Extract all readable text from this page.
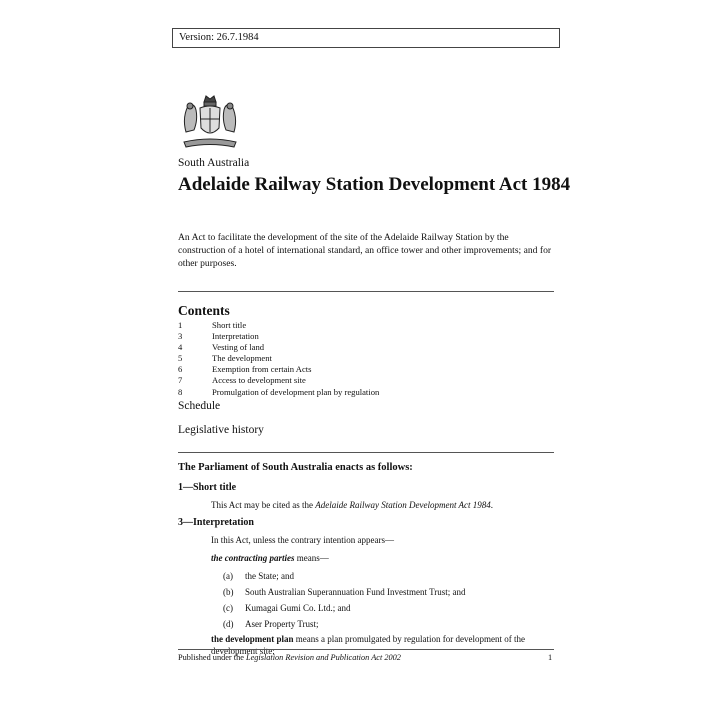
Version: 26.7.1984
South Australia
Adelaide Railway Station Development Act 1984

An Act to facilitate the development of the site of the Adelaide Railway Station by the construction of a hotel of international standard, an office tower and other improvements; and for other purposes.

Contents
1	Short title
3	Interpretation
4	Vesting of land
5	The development
6	Exemption from certain Acts
7	Access to development site
8	Promulgation of development plan by regulation
Schedule
Legislative history
The Parliament of South Australia enacts as follows:
1—Short title
This Act may be cited as the Adelaide Railway Station Development Act 1984.
3—Interpretation
In this Act, unless the contrary intention appears—
the contracting parties means—
(a)	the State; and
(b)	South Australian Superannuation Fund Investment Trust; and
(c)	Kumagai Gumi Co. Ltd.; and
(d)	Aser Property Trust;

the development plan means a plan promulgated by regulation for development of the development site;

Published under the Legislation Revision and Publication Act 2002	1
